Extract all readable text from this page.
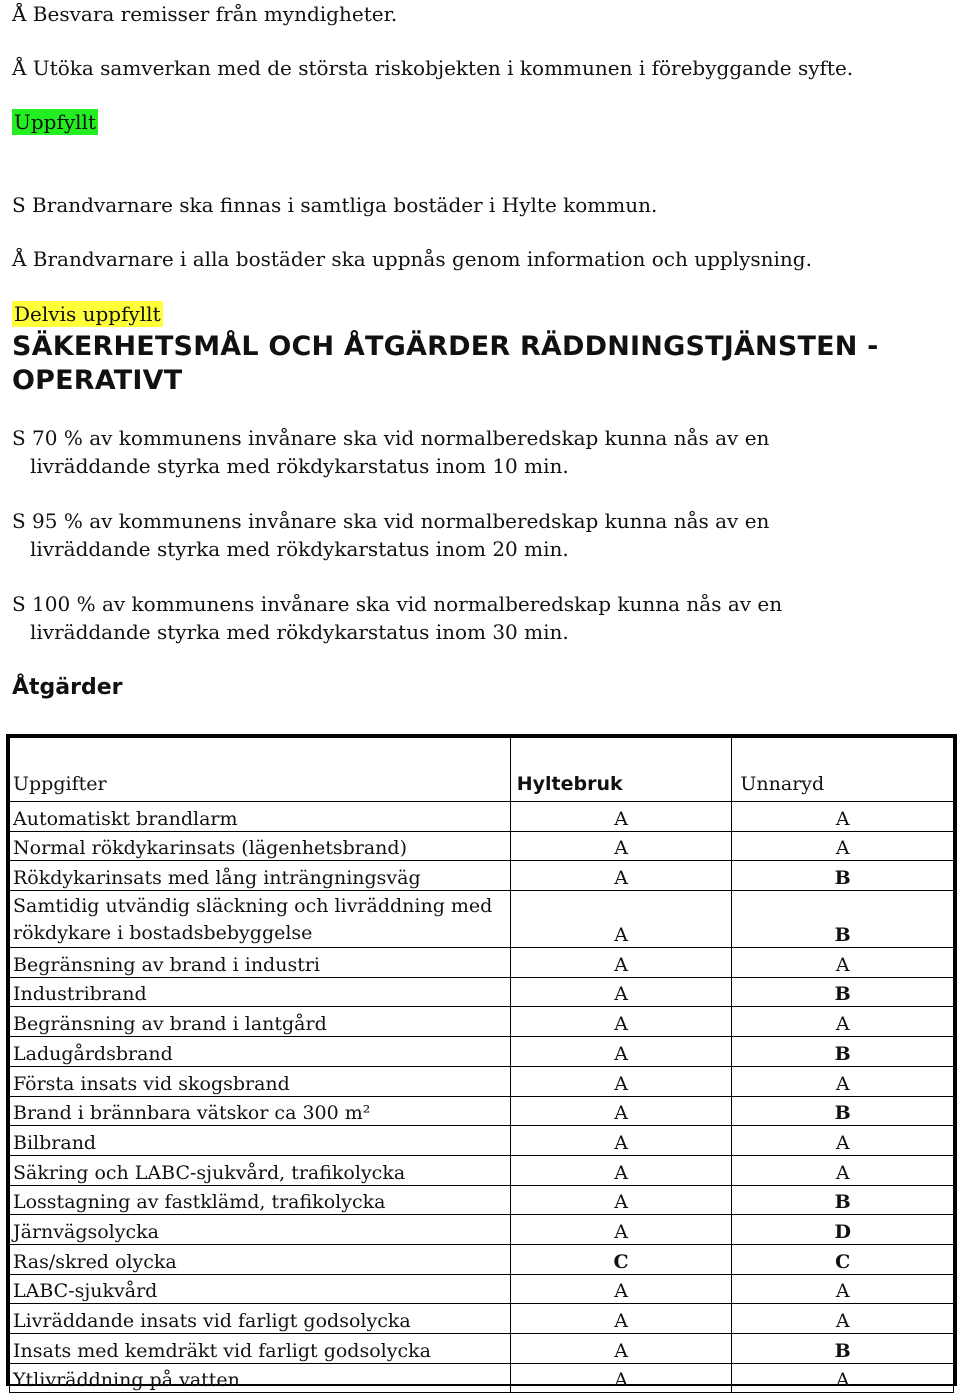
Å Besvara remisser från myndigheter.
Å Utöka samverkan med de största riskobjekten i kommunen i förebyggande syfte.
Uppfyllt
S Brandvarnare ska finnas i samtliga bostäder i Hylte kommun.
Å Brandvarnare i alla bostäder ska uppnås genom information och upplysning.
Delvis uppfyllt
SÄKERHETSMÅL OCH ÅTGÄRDER RÄDDNINGSTJÄNSTEN -
OPERATIVT
S 70 % av kommunens invånare ska vid normalberedskap kunna nås av en
livräddande styrka med rökdykarstatus inom 10 min.
S 95 % av kommunens invånare ska vid normalberedskap kunna nås av en
livräddande styrka med rökdykarstatus inom 20 min.
S 100 % av kommunens invånare ska vid normalberedskap kunna nås av en
livräddande styrka med rökdykarstatus inom 30 min.
Åtgärder
Uppgifter	Hyltebruk	Unnaryd
Automatiskt brandlarm	A	A
Normal rökdykarinsats (lägenhetsbrand)	A	A
Rökdykarinsats med lång inträngningsväg	A	B
Samtidig utvändig släckning och livräddning med rökdykare i bostadsbebyggelse	A	B
Begränsning av brand i industri	A	A
Industribrand	A	B
Begränsning av brand i lantgård	A	A
Ladugårdsbrand	A	B
Första insats vid skogsbrand	A	A
Brand i brännbara vätskor ca 300 m²	A	B
Bilbrand	A	A
Säkring och LABC-sjukvård, trafikolycka	A	A
Losstagning av fastklämd, trafikolycka	A	B
Järnvägsolycka	A	D
Ras/skred olycka	C	C
LABC-sjukvård	A	A
Livräddande insats vid farligt godsolycka	A	A
Insats med kemdräkt vid farligt godsolycka	A	B
Ytlivräddning på vatten	A	A
